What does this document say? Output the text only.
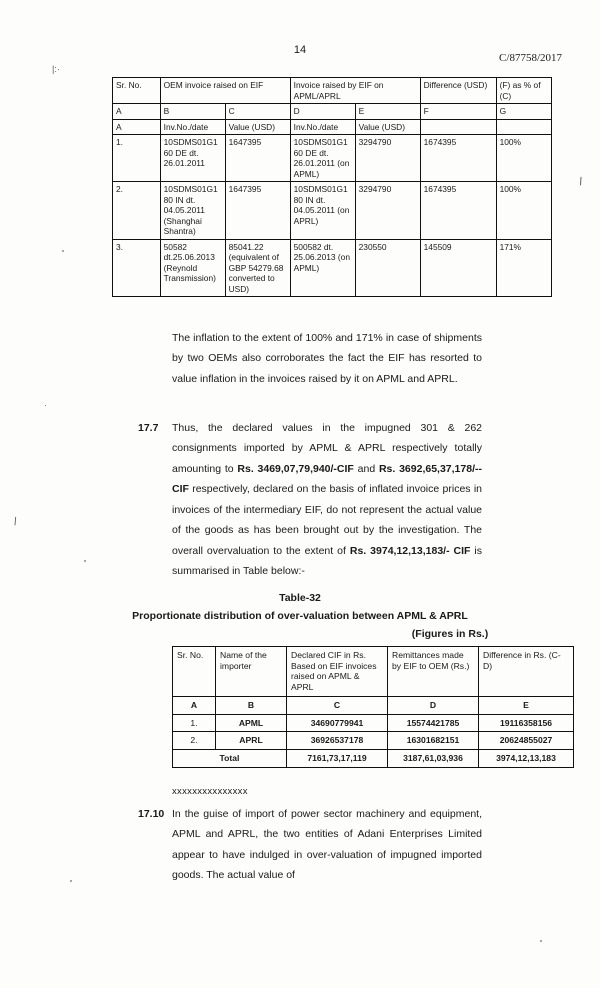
14
C/87758/2017
|:·
\
·
/
Sr. No.	OEM invoice raised on EIF		Invoice raised by EIF on APML/APRL		Difference (USD)	(F) as % of (C)
A	B	C	D	E	F	G
A	Inv.No./date	Value (USD)	Inv.No./date	Value (USD)		
1.	10SDMS01G1 60 DE dt. 26.01.2011	1647395	10SDMS01G1 60 DE dt. 26.01.2011 (on APML)	3294790	1674395	100%
2.	10SDMS01G1 80 IN dt. 04.05.2011 (Shanghai Shantra)	1647395	10SDMS01G1 80 IN dt. 04.05.2011 (on APRL)	3294790	1674395	100%
3.	50582 dt.25.06.2013 (Reynold Transmission)	85041.22 (equivalent of GBP 54279.68 converted to USD)	500582 dt. 25.06.2013 (on APML)	230550	145509	171%
The inflation to the extent of 100% and 171% in case of shipments by two OEMs also corroborates the fact the EIF has resorted to value inflation in the invoices raised by it on APML and APRL.
17.7 Thus, the declared values in the impugned 301 & 262 consignments imported by APML & APRL respectively totally amounting to Rs. 3469,07,79,940/-CIF and Rs. 3692,65,37,178/--CIF respectively, declared on the basis of inflated invoice prices in invoices of the intermediary EIF, do not represent the actual value of the goods as has been brought out by the investigation. The overall overvaluation to the extent of Rs. 3974,12,13,183/- CIF is summarised in Table below:-
Table-32
Proportionate distribution of over-valuation between APML & APRL
(Figures in Rs.)
Sr. No.	Name of the importer	Declared CIF in Rs. Based on EIF invoices raised on APML & APRL	Remittances made by EIF to OEM (Rs.)	Difference in Rs. (C-D)
A	B	C	D	E
1.	APML	34690779941	15574421785	19116358156
2.	APRL	36926537178	16301682151	20624855027
Total		7161,73,17,119	3187,61,03,936	3974,12,13,183
xxxxxxxxxxxxxxx
17.10 In the guise of import of power sector machinery and equipment, APML and APRL, the two entities of Adani Enterprises Limited appear to have indulged in over-valuation of impugned imported goods. The actual value of
